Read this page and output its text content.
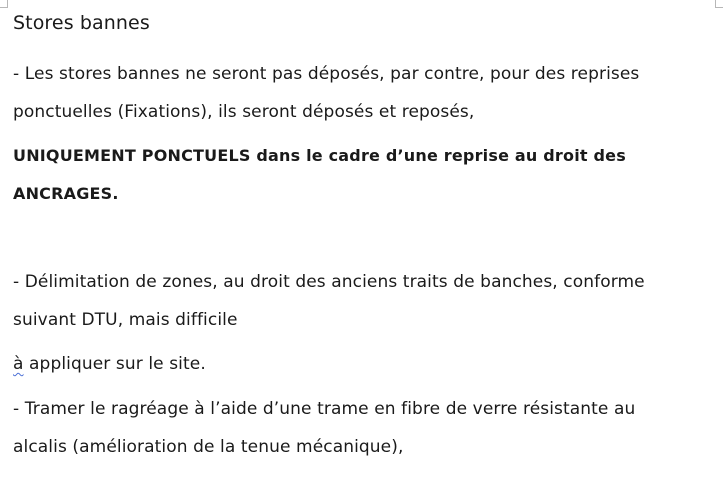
Stores bannes
- Les stores bannes ne seront pas déposés, par contre, pour des reprises
ponctuelles (Fixations), ils seront déposés et reposés,
UNIQUEMENT PONCTUELS dans le cadre d’une reprise au droit des
ANCRAGES.
- Délimitation de zones, au droit des anciens traits de banches, conforme
suivant DTU, mais difficile
à appliquer sur le site.
- Tramer le ragréage à l’aide d’une trame en fibre de verre résistante au
alcalis (amélioration de la tenue mécanique),
